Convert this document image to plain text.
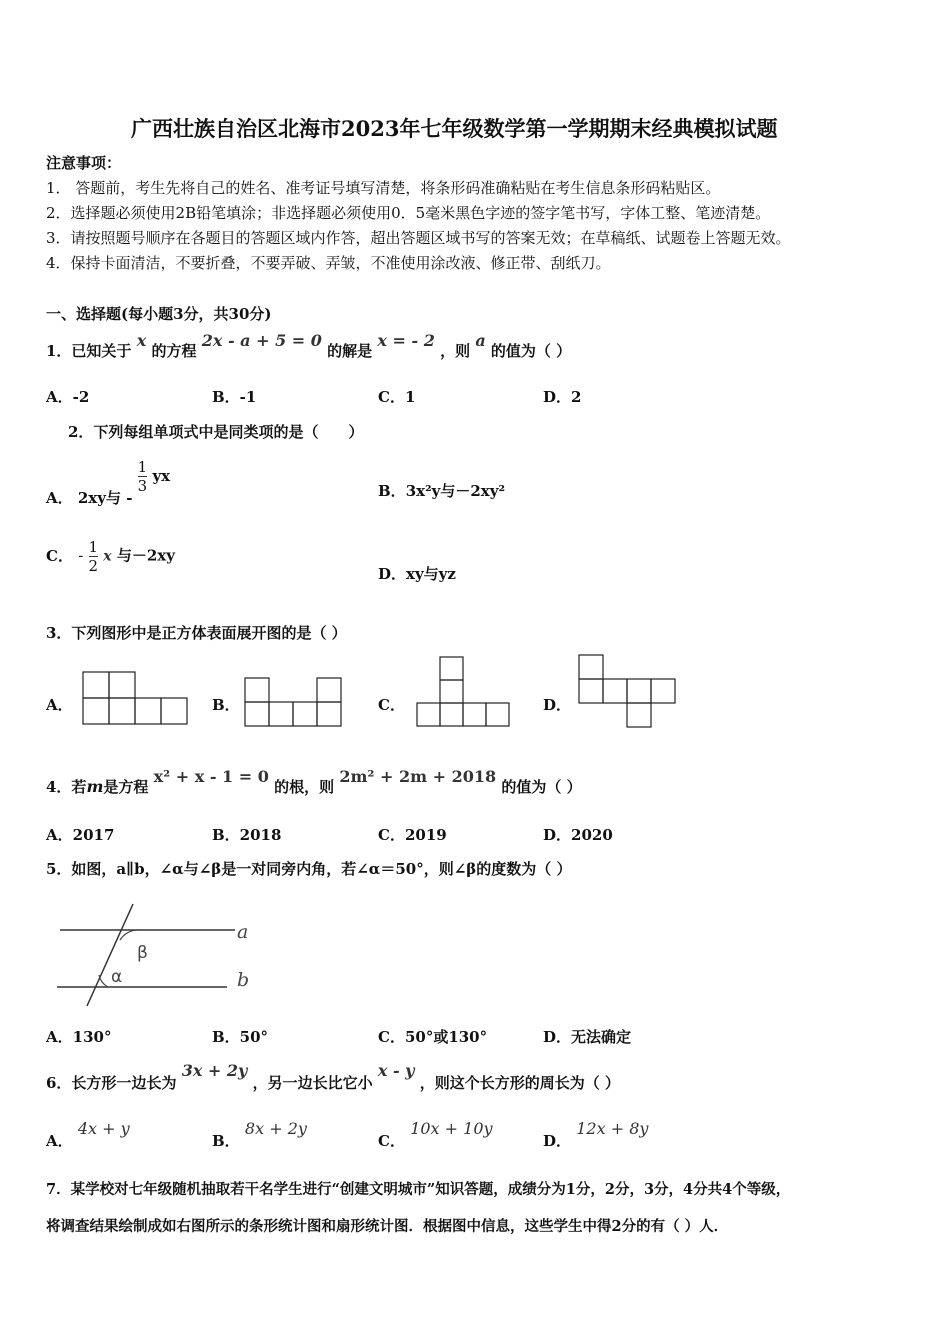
广西壮族自治区北海市2023年七年级数学第一学期期末经典模拟试题
注意事项：
1． 答题前，考生先将自己的姓名、准考证号填写清楚，将条形码准确粘贴在考生信息条形码粘贴区。
2．选择题必须使用2B铅笔填涂；非选择题必须使用0．5毫米黑色字迹的签字笔书写，字体工整、笔迹清楚。
3．请按照题号顺序在各题目的答题区域内作答，超出答题区域书写的答案无效；在草稿纸、试题卷上答题无效。
4．保持卡面清洁，不要折叠，不要弄破、弄皱，不准使用涂改液、修正带、刮纸刀。
一、选择题(每小题3分，共30分)
1．已知关于 x 的方程 2x - a + 5 = 0 的解是 x = - 2 ，则 a 的值为（ ）
A．-2	B．-1	C．1	D．2
2．下列每组单项式中是同类项的是（　　）
A． 2xy与 -
$\frac{1}{3}$ yx
B．3x²y与－2xy²
C． - $\frac{1}{2}$ x 与－2xy
D．xy与yz
3．下列图形中是正方体表面展开图的是（ ）
A．	B．	C．	D．
4．若m是方程 x² + x - 1 = 0 的根，则 2m² + 2m + 2018 的值为（ ）
A．2017	B．2018	C．2019	D．2020
5．如图，a∥b，∠α与∠β是一对同旁内角，若∠α＝50°，则∠β的度数为（ ）
β
α
a
b
A．130°	B．50°	C．50°或130°	D．无法确定
6．长方形一边长为 3x + 2y ，另一边长比它小 x - y ，则这个长方形的周长为（ ）
A． 4x + y
B． 8x + 2y
C． 10x + 10y
D． 12x + 8y
7．某学校对七年级随机抽取若干名学生进行“创建文明城市”知识答题，成绩分为1分，2分，3分，4分共4个等级，
将调查结果绘制成如右图所示的条形统计图和扇形统计图．根据图中信息，这些学生中得2分的有（ ）人．
